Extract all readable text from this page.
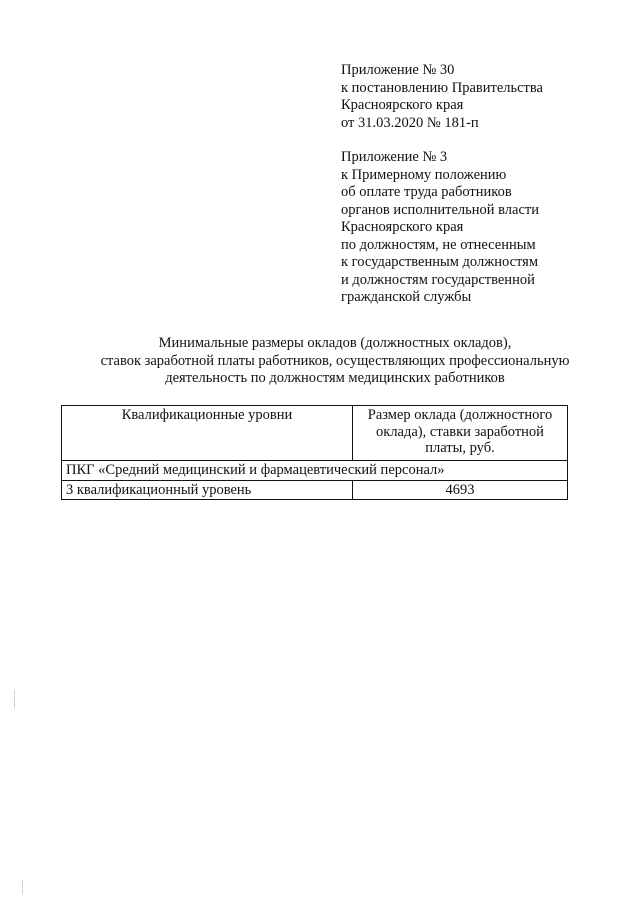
Приложение № 30
к постановлению Правительства
Красноярского края
от 31.03.2020 № 181-п
Приложение № 3
к Примерному положению
об оплате труда работников
органов исполнительной власти
Красноярского края
по должностям, не отнесенным
к государственным должностям
и должностям государственной
гражданской службы
Минимальные размеры окладов (должностных окладов),
ставок заработной платы работников, осуществляющих профессиональную
деятельность по должностям медицинских работников
Квалификационные уровни	Размер оклада (должностного оклада), ставки заработной платы, руб.
ПКГ «Средний медицинский и фармацевтический персонал»	
3 квалификационный уровень	4693
